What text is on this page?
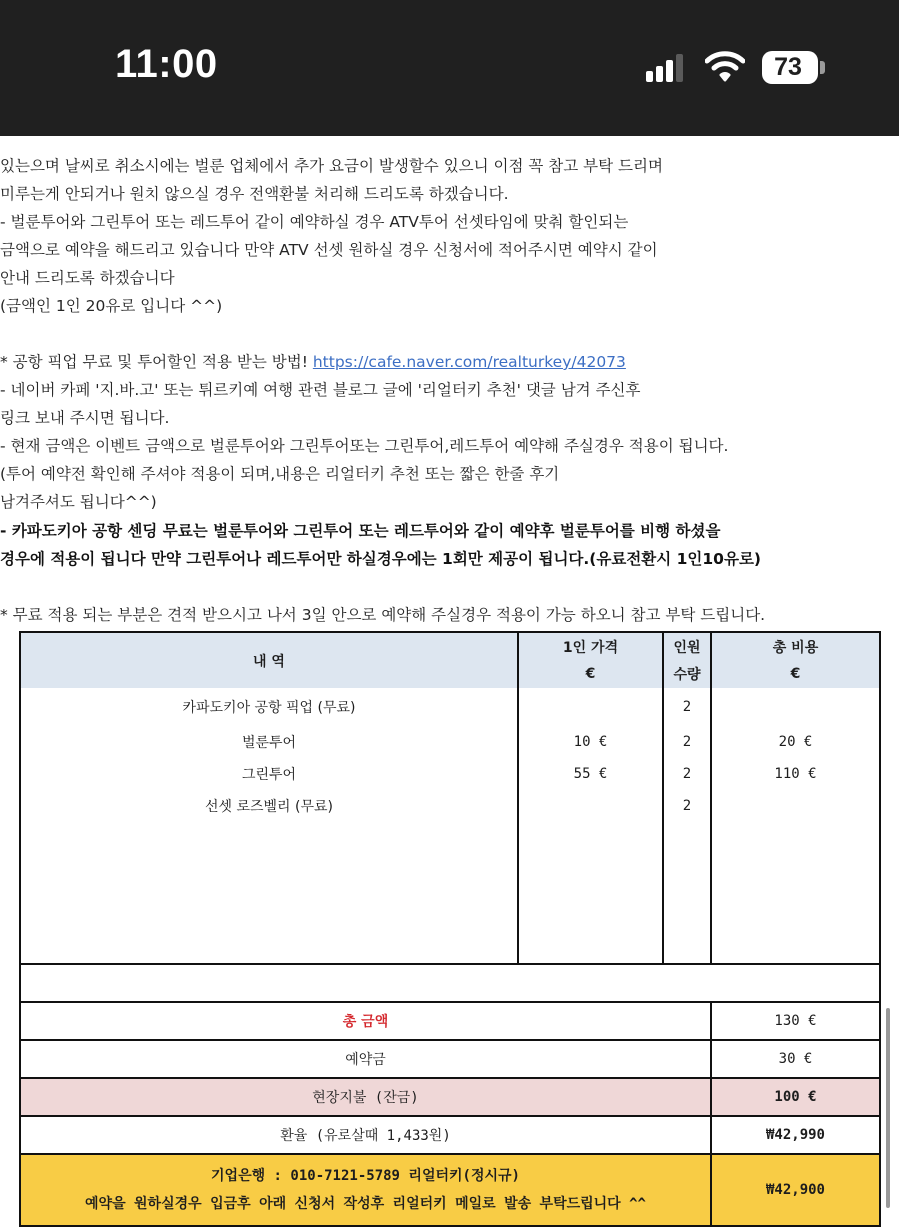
11:00	73
있는으며 날씨로 취소시에는 벌룬 업체에서 추가 요금이 발생할수 있으니 이점 꼭 참고 부탁 드리며
미루는게 안되거나 원치 않으실 경우 전액환불 처리해 드리도록 하겠습니다.
- 벌룬투어와 그린투어 또는 레드투어 같이 예약하실 경우 ATV투어 선셋타임에 맞춰 할인되는
금액으로 예약을 해드리고 있습니다 만약 ATV 선셋 원하실 경우 신청서에 적어주시면 예약시 같이
안내 드리도록 하겠습니다
(금액인 1인 20유로 입니다 ^^)
* 공항 픽업 무료 및 투어할인 적용 받는 방법! https://cafe.naver.com/realturkey/42073
- 네이버 카페 '지.바.고' 또는 튀르키예 여행 관련 블로그 글에 '리얼터키 추천' 댓글 남겨 주신후
링크 보내 주시면 됩니다.
- 현재 금액은 이벤트 금액으로 벌룬투어와 그린투어또는 그린투어,레드투어 예약해 주실경우 적용이 됩니다.
(투어 예약전 확인해 주셔야 적용이 되며,내용은 리얼터키 추천 또는 짧은 한줄 후기
남겨주셔도 됩니다^^)
- 카파도키아 공항 센딩 무료는 벌룬투어와 그린투어 또는 레드투어와 같이 예약후 벌룬투어를 비행 하셨을
경우에 적용이 됩니다 만약 그린투어나 레드투어만 하실경우에는 1회만 제공이 됩니다.(유료전환시 1인10유로)
* 무료 적용 되는 부분은 견적 받으시고 나서 3일 안으로 예약해 주실경우 적용이 가능 하오니 참고 부탁 드립니다.
내 역	1인 가격	인원	총 비용
	€	수량	€
카파도키아 공항 픽업 (무료)		2	
벌룬투어	10 €	2	20 €
그린투어	55 €	2	110 €
선셋 로즈벨리 (무료)		2	

총 금액			130 €
예약금			30 €
현장지불 (잔금)			100 €
환율 (유로살때 1,433원)			₩42,990

기업은행 : 010-7121-5789 리얼터키(정시규)
예약을 원하실경우 입금후 아래 신청서 작성후 리얼터키 메일로 발송 부탁드립니다 ^^			₩42,900
